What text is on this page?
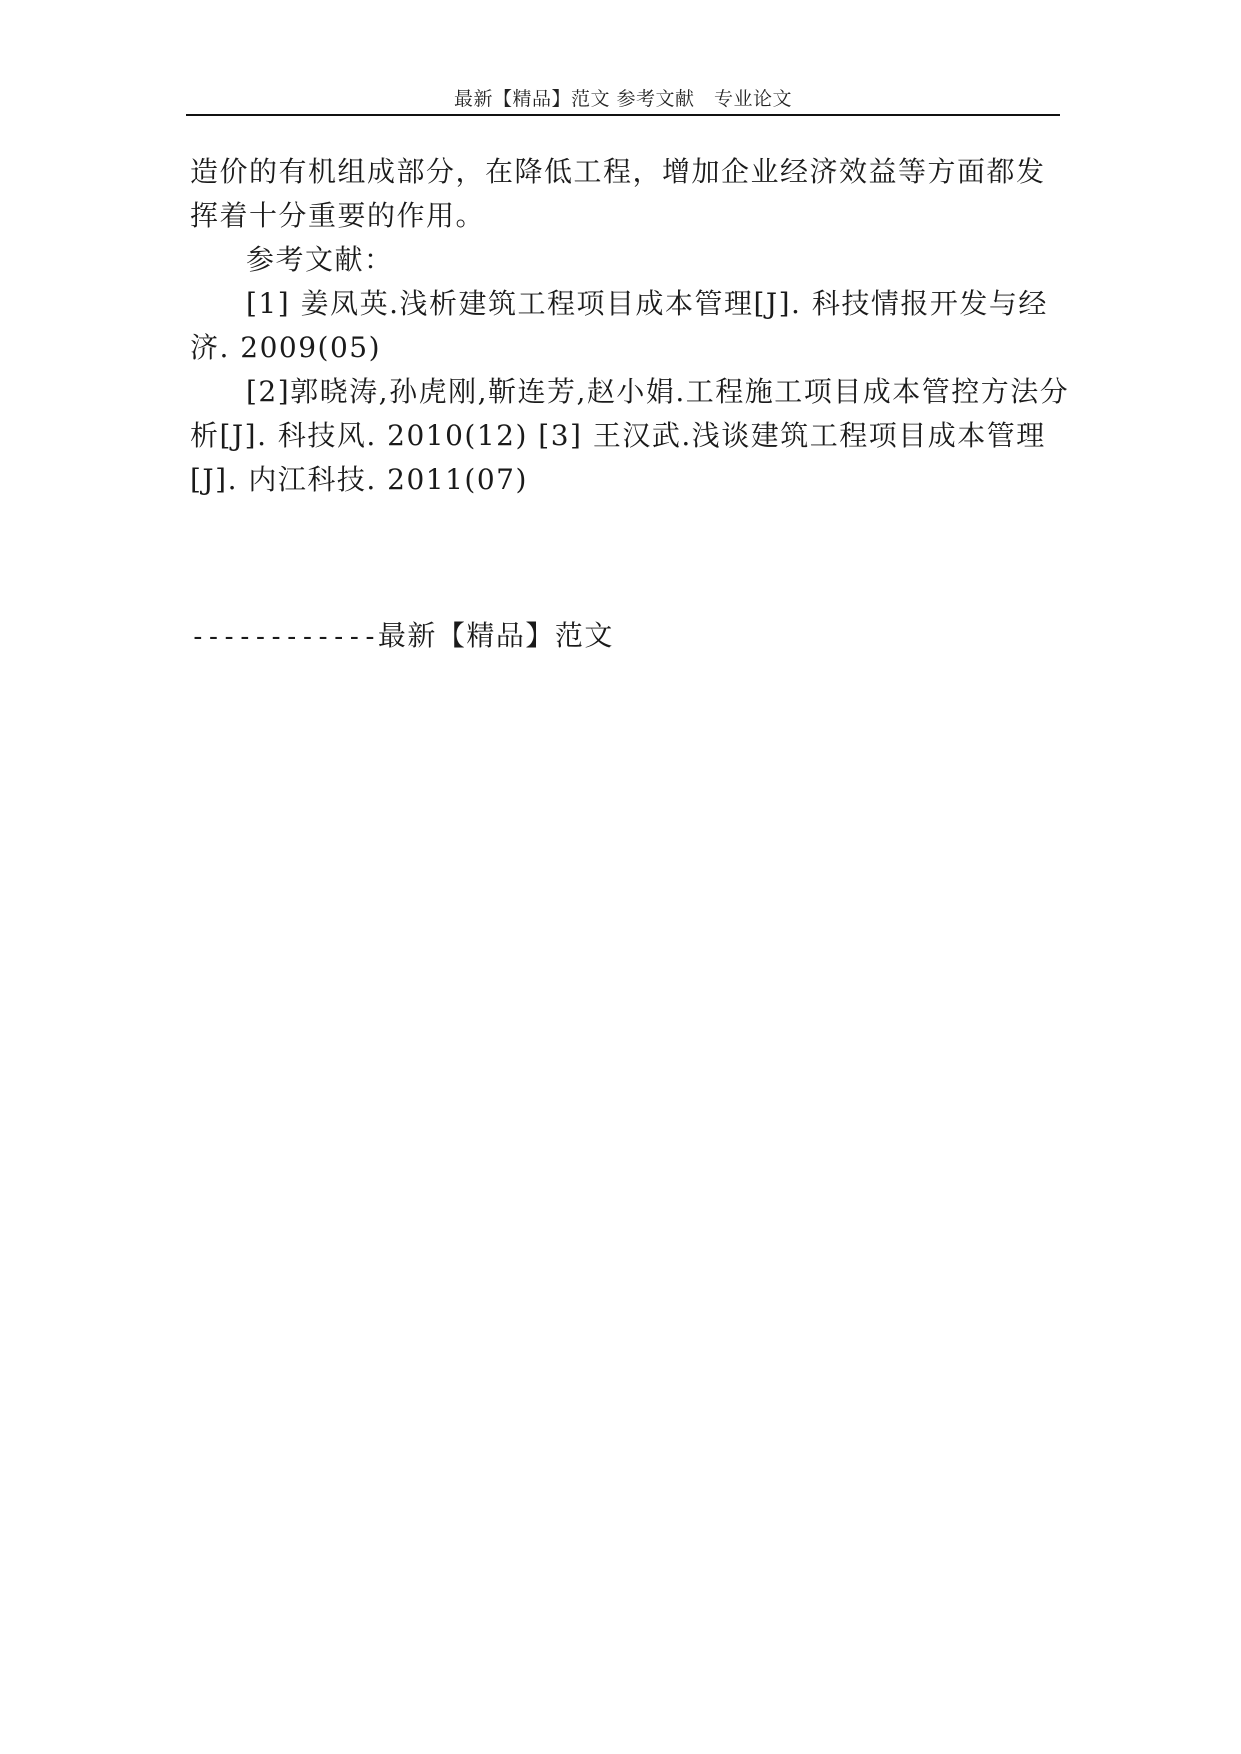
最新【精品】范文 参考文献　专业论文

造价的有机组成部分，在降低工程，增加企业经济效益等方面都发挥着十分重要的作用。

参考文献：

[1] 姜凤英.浅析建筑工程项目成本管理[J]. 科技情报开发与经济. 2009(05)

[2]郭晓涛,孙虎刚,靳连芳,赵小娟.工程施工项目成本管控方法分析[J]. 科技风. 2010(12) [3] 王汉武.浅谈建筑工程项目成本管理[J]. 内江科技. 2011(07)

------------最新【精品】范文
